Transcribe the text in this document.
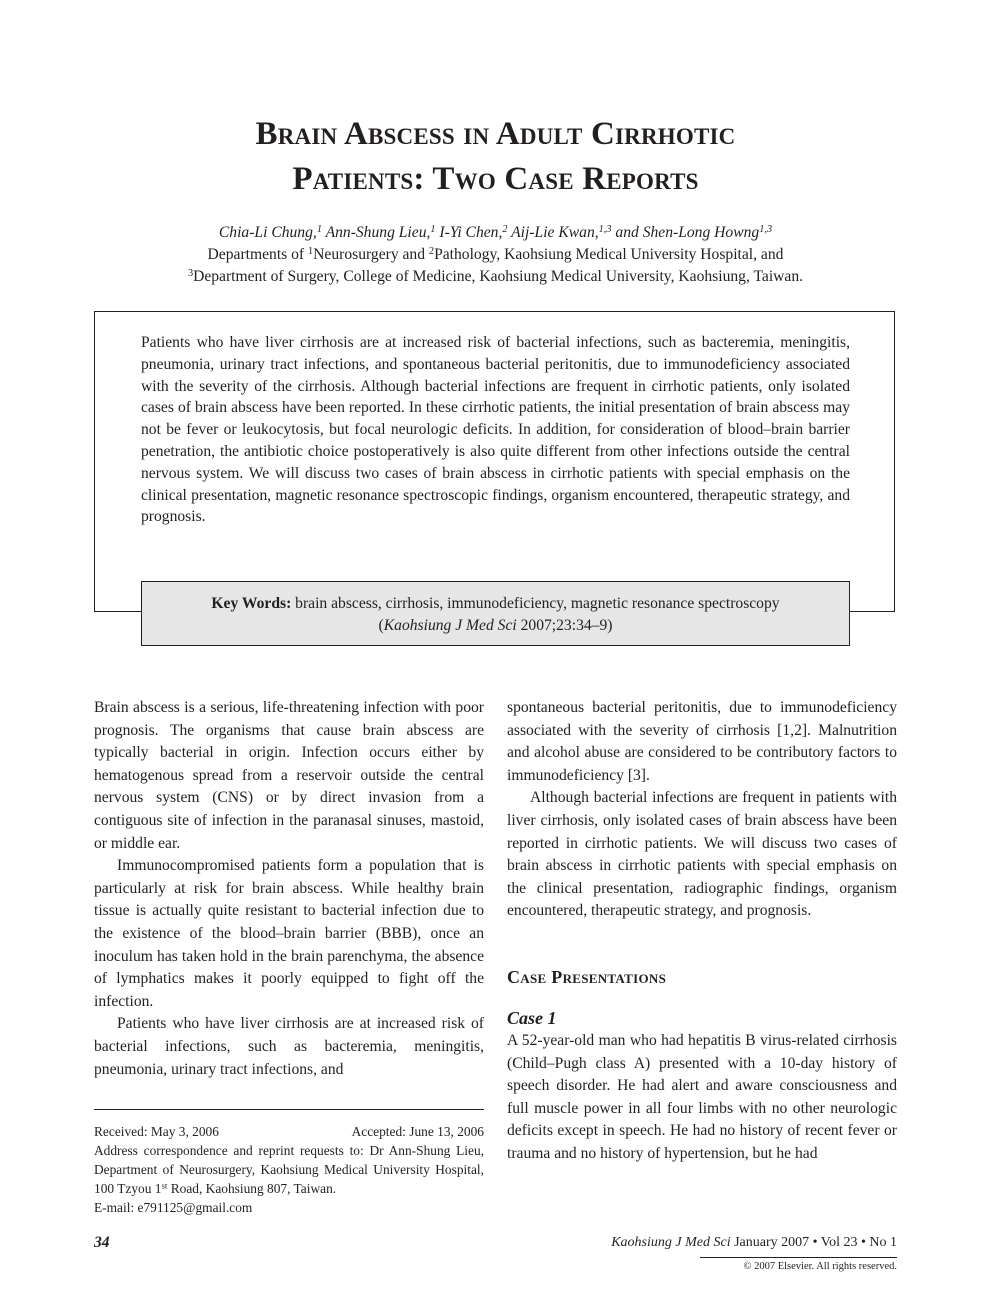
Brain Abscess in Adult Cirrhotic
Patients: Two Case Reports
Chia-Li Chung,$^1$ Ann-Shung Lieu,$^1$ I-Yi Chen,$^2$ Aij-Lie Kwan,$^{1,3}$ and Shen-Long Howng$^{1,3}$
Departments of $^1$Neurosurgery and $^2$Pathology, Kaohsiung Medical University Hospital, and
$^3$Department of Surgery, College of Medicine, Kaohsiung Medical University, Kaohsiung, Taiwan.
Patients who have liver cirrhosis are at increased risk of bacterial infections, such as bacteremia, meningitis, pneumonia, urinary tract infections, and spontaneous bacterial peritonitis, due to immunodeficiency associated with the severity of the cirrhosis. Although bacterial infections are frequent in cirrhotic patients, only isolated cases of brain abscess have been reported. In these cirrhotic patients, the initial presentation of brain abscess may not be fever or leukocytosis, but focal neurologic deficits. In addition, for consideration of blood–brain barrier penetration, the antibiotic choice postoperatively is also quite different from other infections outside the central nervous system. We will discuss two cases of brain abscess in cirrhotic patients with special emphasis on the clinical presentation, magnetic resonance spectroscopic findings, organism encountered, therapeutic strategy, and prognosis.
Key Words: brain abscess, cirrhosis, immunodeficiency, magnetic resonance spectroscopy
(Kaohsiung J Med Sci 2007;23:34–9)

Brain abscess is a serious, life-threatening infection with poor prognosis. The organisms that cause brain abscess are typically bacterial in origin. Infection occurs either by hematogenous spread from a reservoir outside the central nervous system (CNS) or by direct invasion from a contiguous site of infection in the paranasal sinuses, mastoid, or middle ear.

Immunocompromised patients form a population that is particularly at risk for brain abscess. While healthy brain tissue is actually quite resistant to bacterial infection due to the existence of the blood–brain barrier (BBB), once an inoculum has taken hold in the brain parenchyma, the absence of lymphatics makes it poorly equipped to fight off the infection.

Patients who have liver cirrhosis are at increased risk of bacterial infections, such as bacteremia, meningitis, pneumonia, urinary tract infections, and

spontaneous bacterial peritonitis, due to immunodeficiency associated with the severity of cirrhosis [1,2]. Malnutrition and alcohol abuse are considered to be contributory factors to immunodeficiency [3].

Although bacterial infections are frequent in patients with liver cirrhosis, only isolated cases of brain abscess have been reported in cirrhotic patients. We will discuss two cases of brain abscess in cirrhotic patients with special emphasis on the clinical presentation, radiographic findings, organism encountered, therapeutic strategy, and prognosis.

Case Presentations
Case 1

A 52-year-old man who had hepatitis B virus-related cirrhosis (Child–Pugh class A) presented with a 10-day history of speech disorder. He had alert and aware consciousness and full muscle power in all four limbs with no other neurologic deficits except in speech. He had no history of recent fever or trauma and no history of hypertension, but he had

Received: May 3, 2006	Accepted: June 13, 2006
Address correspondence and reprint requests to: Dr Ann-Shung Lieu, Department of Neurosurgery, Kaohsiung Medical University Hospital, 100 Tzyou 1st Road, Kaohsiung 807, Taiwan.
E-mail: e791125@gmail.com
34	Kaohsiung J Med Sci January 2007 • Vol 23 • No 1
© 2007 Elsevier. All rights reserved.
